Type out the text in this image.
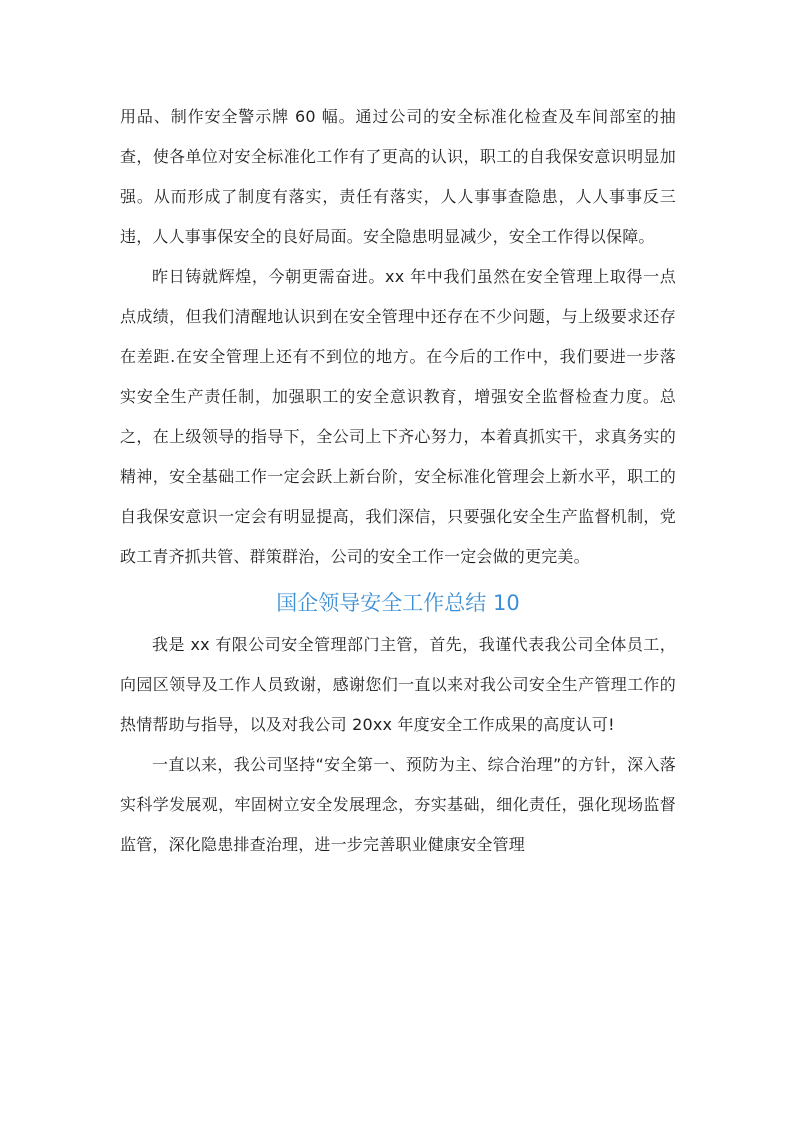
用品、制作安全警示牌 60 幅。通过公司的安全标准化检查及车间部室的抽查，使各单位对安全标准化工作有了更高的认识，职工的自我保安意识明显加强。从而形成了制度有落实，责任有落实，人人事事查隐患，人人事事反三违，人人事事保安全的良好局面。安全隐患明显减少，安全工作得以保障。

昨日铸就辉煌，今朝更需奋进。xx 年中我们虽然在安全管理上取得一点点成绩，但我们清醒地认识到在安全管理中还存在不少问题，与上级要求还存在差距.在安全管理上还有不到位的地方。在今后的工作中，我们要进一步落实安全生产责任制，加强职工的安全意识教育，增强安全监督检查力度。总之，在上级领导的指导下，全公司上下齐心努力，本着真抓实干，求真务实的精神，安全基础工作一定会跃上新台阶，安全标准化管理会上新水平，职工的自我保安意识一定会有明显提高，我们深信，只要强化安全生产监督机制，党政工青齐抓共管、群策群治，公司的安全工作一定会做的更完美。

国企领导安全工作总结 10

我是 xx 有限公司安全管理部门主管，首先，我谨代表我公司全体员工，向园区领导及工作人员致谢，感谢您们一直以来对我公司安全生产管理工作的热情帮助与指导，以及对我公司 20xx 年度安全工作成果的高度认可!

一直以来，我公司坚持“安全第一、预防为主、综合治理”的方针，深入落实科学发展观，牢固树立安全发展理念，夯实基础，细化责任，强化现场监督监管，深化隐患排查治理，进一步完善职业健康安全管理
